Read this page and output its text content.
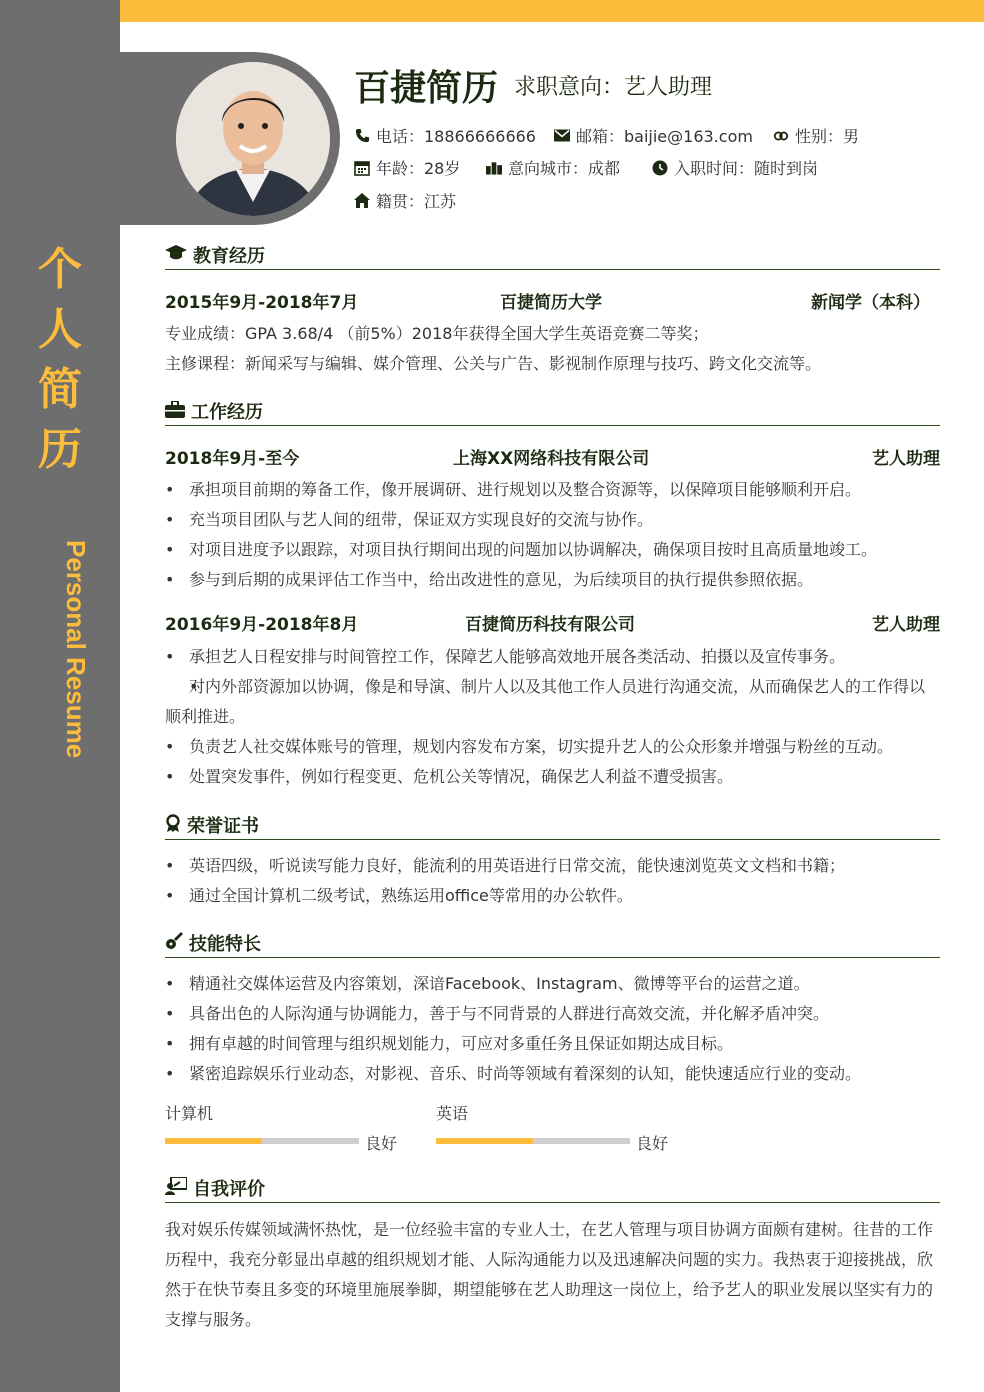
个
人
简
历
Personal Resume
百捷简历 求职意向：艺人助理
电话：18866666666	邮箱：baijie@163.com	性别：男
年龄：28岁	意向城市：成都	入职时间：随时到岗
籍贯：江苏
教育经历
2015年9月-2018年7月	百捷简历大学	新闻学（本科）
专业成绩：GPA 3.68/4 （前5%）2018年获得全国大学生英语竞赛二等奖；
主修课程：新闻采写与编辑、媒介管理、公关与广告、影视制作原理与技巧、跨文化交流等。
工作经历
2018年9月-至今	上海XX网络科技有限公司	艺人助理
• 承担项目前期的筹备工作，像开展调研、进行规划以及整合资源等，以保障项目能够顺利开启。
• 充当项目团队与艺人间的纽带，保证双方实现良好的交流与协作。
• 对项目进度予以跟踪，对项目执行期间出现的问题加以协调解决，确保项目按时且高质量地竣工。
• 参与到后期的成果评估工作当中，给出改进性的意见，为后续项目的执行提供参照依据。
2016年9月-2018年8月	百捷简历科技有限公司	艺人助理
• 承担艺人日程安排与时间管控工作，保障艺人能够高效地开展各类活动、拍摄以及宣传事务。
• 对内外部资源加以协调，像是和导演、制片人以及其他工作人员进行沟通交流，从而确保艺人的工作得以顺利推进。
• 负责艺人社交媒体账号的管理，规划内容发布方案，切实提升艺人的公众形象并增强与粉丝的互动。
• 处置突发事件，例如行程变更、危机公关等情况，确保艺人利益不遭受损害。
荣誉证书
• 英语四级，听说读写能力良好，能流利的用英语进行日常交流，能快速浏览英文文档和书籍；
• 通过全国计算机二级考试，熟练运用office等常用的办公软件。
技能特长
• 精通社交媒体运营及内容策划，深谙Facebook、Instagram、微博等平台的运营之道。
• 具备出色的人际沟通与协调能力，善于与不同背景的人群进行高效交流，并化解矛盾冲突。
• 拥有卓越的时间管理与组织规划能力，可应对多重任务且保证如期达成目标。
• 紧密追踪娱乐行业动态，对影视、音乐、时尚等领域有着深刻的认知，能快速适应行业的变动。
计算机
良好
英语
良好
自我评价
我对娱乐传媒领域满怀热忱，是一位经验丰富的专业人士，在艺人管理与项目协调方面颇有建树。往昔的工作历程中，我充分彰显出卓越的组织规划才能、人际沟通能力以及迅速解决问题的实力。我热衷于迎接挑战，欣然于在快节奏且多变的环境里施展拳脚，期望能够在艺人助理这一岗位上，给予艺人的职业发展以坚实有力的支撑与服务。
